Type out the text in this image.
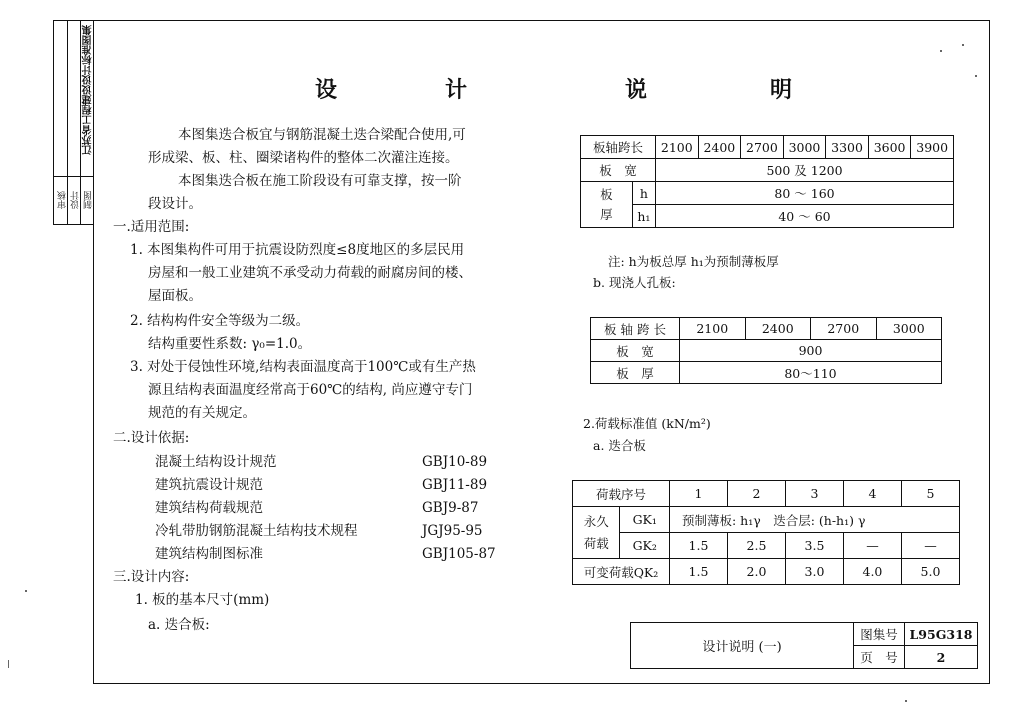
江苏省工程建设设计标准图集
审核 设计 制图
设	计	说	明
本图集迭合板宜与钢筋混凝土迭合梁配合使用,可
形成梁、板、柱、圈梁诸构件的整体二次灌注连接。
本图集迭合板在施工阶段设有可靠支撑，按一阶
段设计。
一.适用范围:
1. 本图集构件可用于抗震设防烈度≤8度地区的多层民用
房屋和一般工业建筑不承受动力荷载的耐腐房间的楼、
屋面板。
2. 结构构件安全等级为二级。
结构重要性系数: γ₀=1.0。
3. 对处于侵蚀性环境,结构表面温度高于100℃或有生产热
源且结构表面温度经常高于60℃的结构, 尚应遵守专门
规范的有关规定。
二.设计依据:
混凝土结构设计规范	GBJ10-89
建筑抗震设计规范	GBJ11-89
建筑结构荷载规范	GBJ9-87
冷轧带肋钢筋混凝土结构技术规程	JGJ95-95
建筑结构制图标准	GBJ105-87
三.设计内容:
1. 板的基本尺寸(mm)
a. 迭合板:
板轴跨长		2100	2400	2700	3000	3300	3600	3900
板　宽		500 及 1200						

板
厚	h	80 ～ 160						
	h₁	40 ～ 60						
注: h为板总厚 h₁为预制薄板厚
b. 现浇人孔板:
板 轴 跨 长	2100	2400	2700	3000
板　宽	900			
板　厚	80～110			
2.荷载标准值 (kN/m²)
a. 迭合板
荷载序号		1	2	3	4	5

永久
荷载	GK₁	预制薄板: h₁γ　迭合层: (h-h₁) γ				
	GK₂	1.5	2.5	3.5	—	—
可变荷载QK₂		1.5	2.0	3.0	4.0	5.0
设计说明 (一)	图集号	L95G318
	页　号	2
